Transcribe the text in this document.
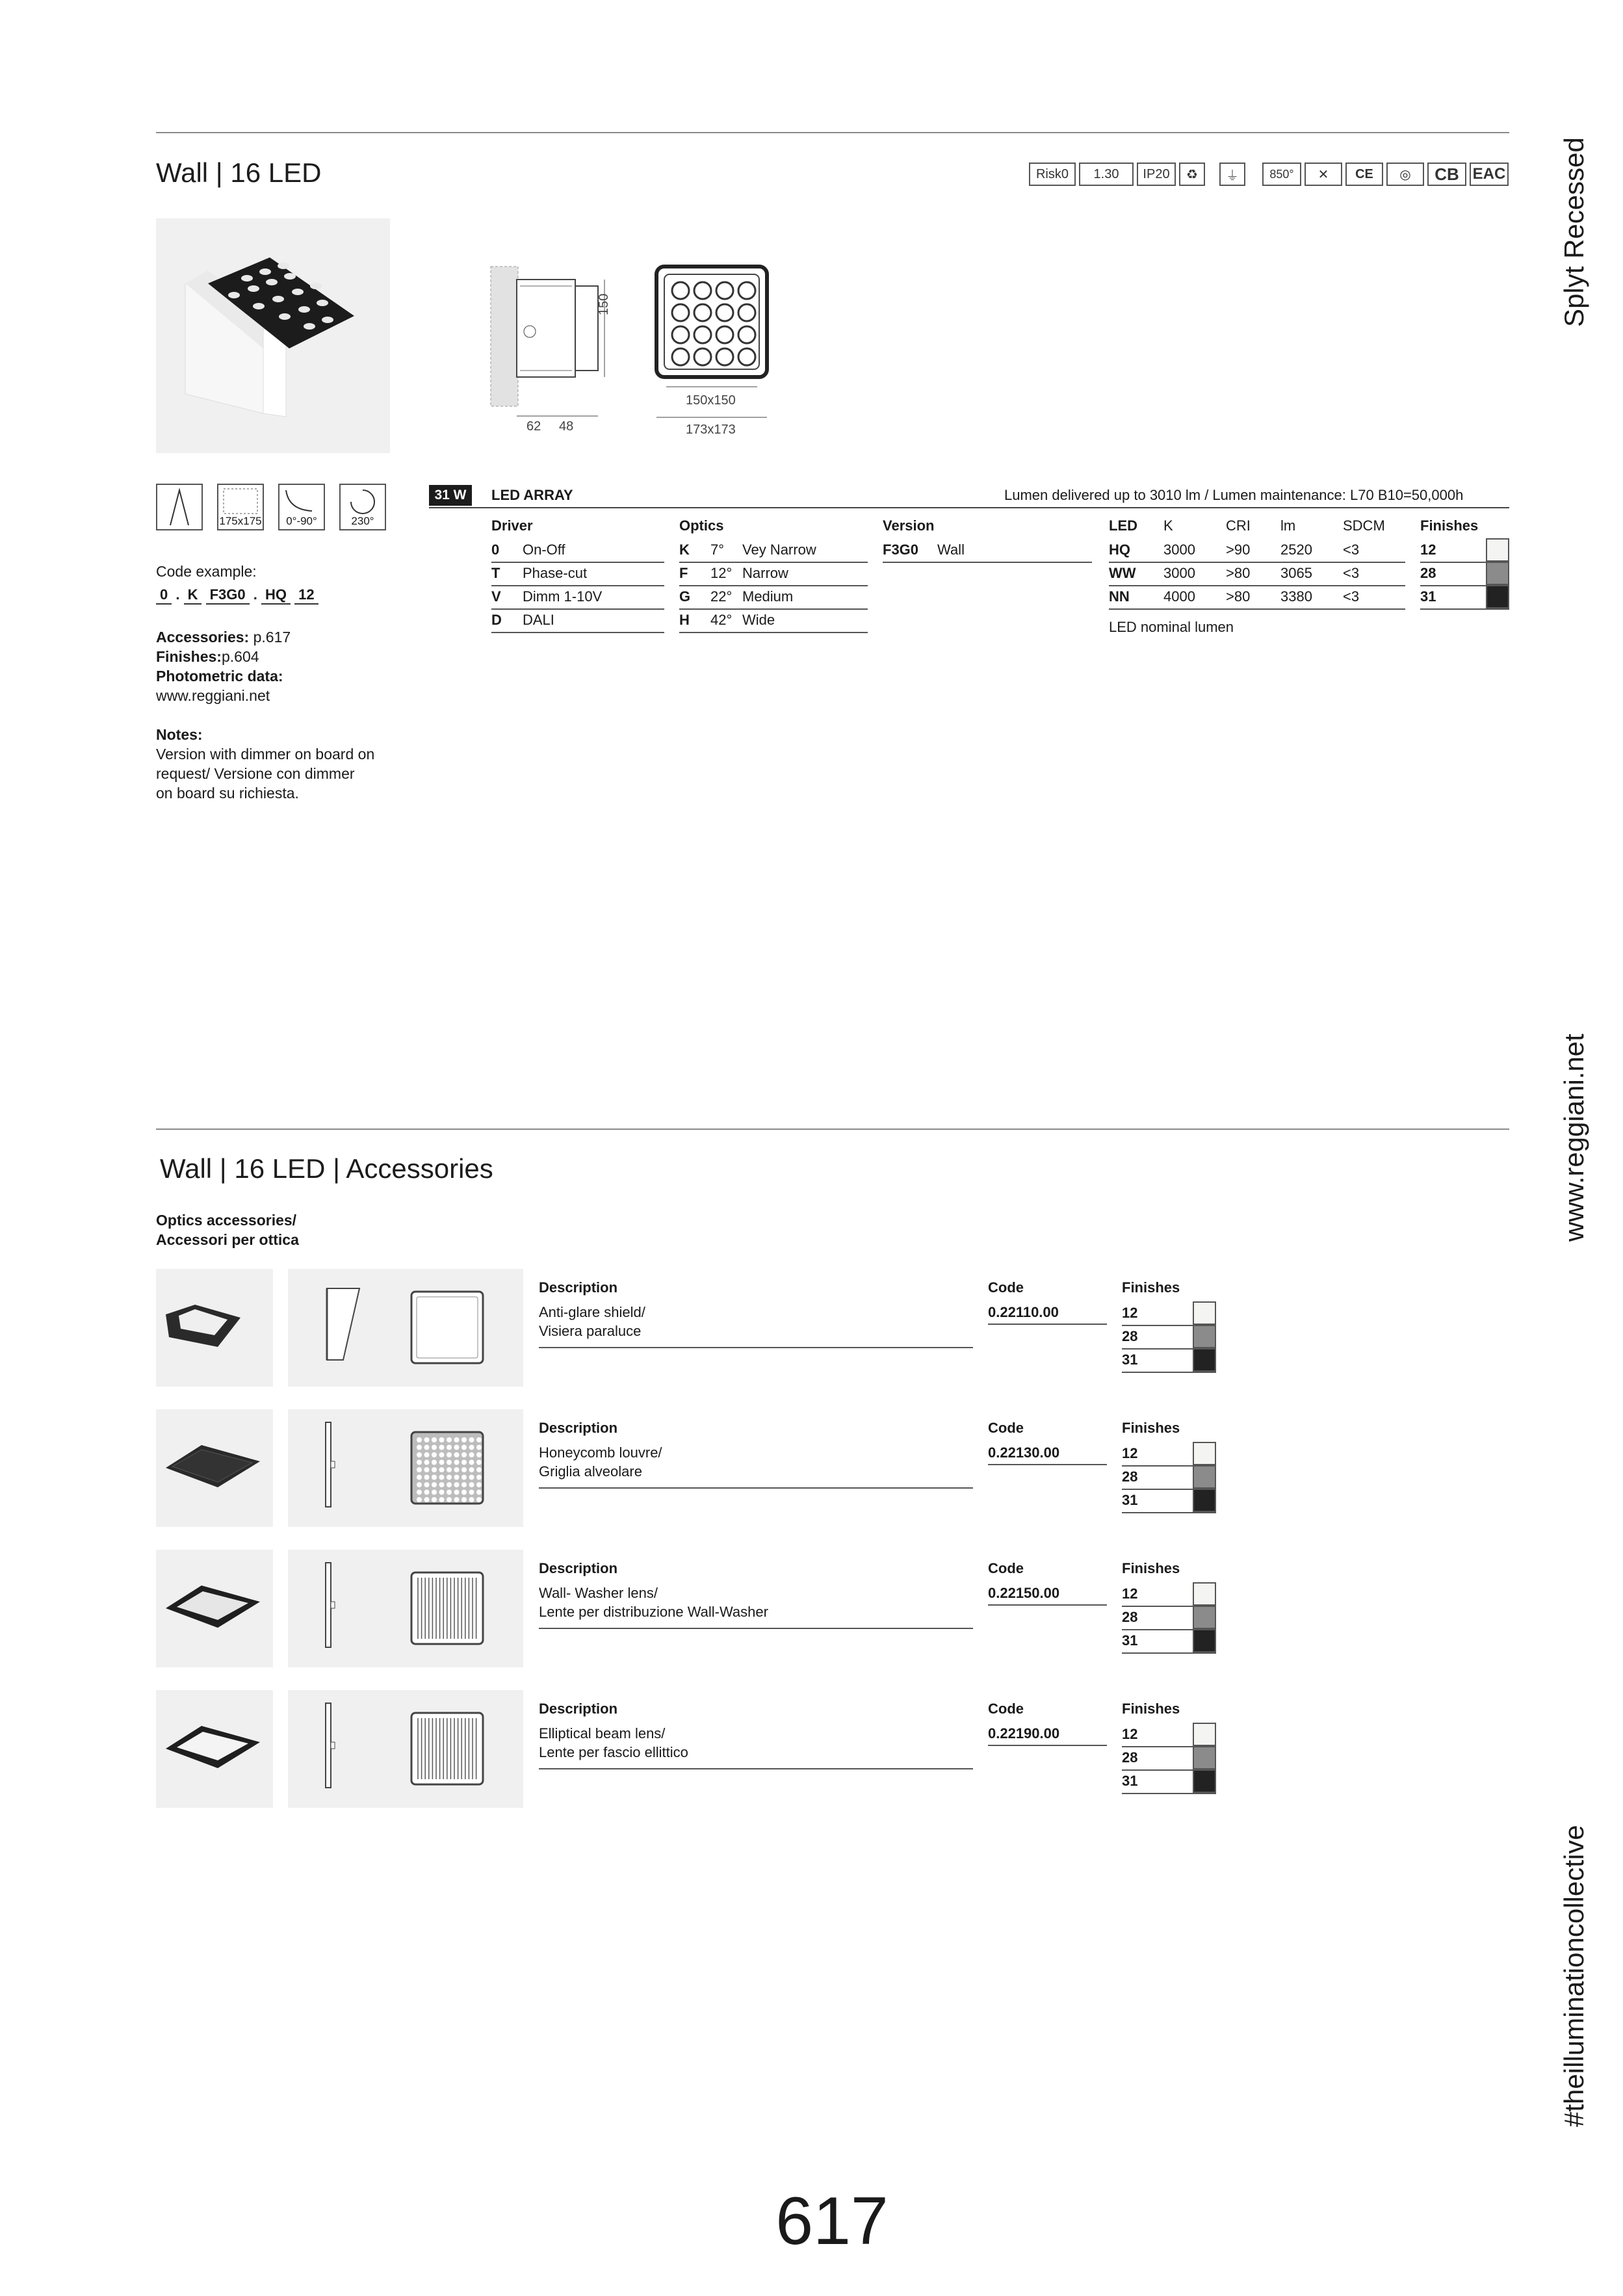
Wall | 16 LED	Risk0 1.30 IP20	♻	⏚	850°	✕	CE	◎	CB EAC
150
62 48
150x150
173x173
175x175	0°-90°	230°
Code example:
0 . K F3G0 . HQ 12
Accessories: p.617
Finishes:p.604
Photometric data:
www.reggiani.net
Notes:
Version with dimmer on board on
request/ Versione con dimmer
on board su richiesta.
31 W	LED ARRAY	Lumen delivered up to 3010 lm / Lumen maintenance: L70 B10=50,000h
Driver
0 On-Off
T Phase-cut
V Dimm 1-10V
D DALI
Optics
K 7° Vey Narrow
F 12° Narrow
G 22° Medium
H 42° Wide
Version
F3G0 Wall
LED K	CRI lm	SDCM
HQ 3000 >90 2520 <3
WW 3000 >80 3065 <3
NN 4000 >80 3380 <3
LED nominal lumen
Finishes
12
28
31
Wall | 16 LED | Accessories
Optics accessories/
Accessori per ottica
Description
Anti-glare shield/
Visiera paraluce
Code
0.22110.00
Finishes
12
28
31
Description
Honeycomb louvre/
Griglia alveolare
Code
0.22130.00
Finishes
12
28
31
Description
Wall- Washer lens/
Lente per distribuzione Wall-Washer
Code
0.22150.00
Finishes
12
28
31
Description
Elliptical beam lens/
Lente per fascio ellittico
Code
0.22190.00
Finishes
12
28
31
Splyt Recessed
www.reggiani.net
#theilluminationcollective
617
